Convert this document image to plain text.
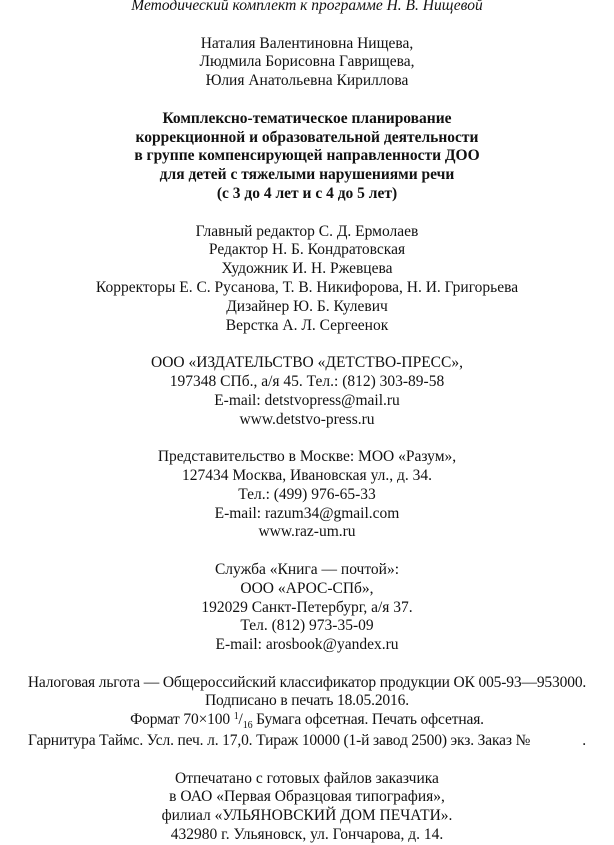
Методический комплект к программе Н. В. Нищевой
Наталия Валентиновна Нищева,
Людмила Борисовна Гаврищева,
Юлия Анатольевна Кириллова
Комплексно-тематическое планирование
коррекционной и образовательной деятельности
в группе компенсирующей направленности ДОО
для детей с тяжелыми нарушениями речи
(с 3 до 4 лет и с 4 до 5 лет)
Главный редактор С. Д. Ермолаев
Редактор Н. Б. Кондратовская
Художник И. Н. Ржевцева
Корректоры Е. С. Русанова, Т. В. Никифорова, Н. И. Григорьева
Дизайнер Ю. Б. Кулевич
Верстка А. Л. Сергеенок
ООО «ИЗДАТЕЛЬСТВО «ДЕТСТВО-ПРЕСС»,
197348 СПб., а/я 45. Тел.: (812) 303-89-58
E-mail: detstvopress@mail.ru
www.detstvo-press.ru
Представительство в Москве: МОО «Разум»,
127434 Москва, Ивановская ул., д. 34.
Тел.: (499) 976-65-33
E-mail: razum34@gmail.com
www.raz-um.ru
Служба «Книга — почтой»:
ООО «АРОС-СПб»,
192029 Санкт-Петербург, а/я 37.
Тел. (812) 973-35-09
E-mail: arosbook@yandex.ru
Налоговая льгота — Общероссийский классификатор продукции ОК 005-93—953000.
Подписано в печать 18.05.2016.
Формат 70×100 $^1/_{16}$ Бумага офсетная. Печать офсетная.
Гарнитура Таймс. Усл. печ. л. 17,0. Тираж 10000 (1-й завод 2500) экз. Заказ №	.
Отпечатано с готовых файлов заказчика
в ОАО «Первая Образцовая типография»,
филиал «УЛЬЯНОВСКИЙ ДОМ ПЕЧАТИ».
432980 г. Ульяновск, ул. Гончарова, д. 14.
